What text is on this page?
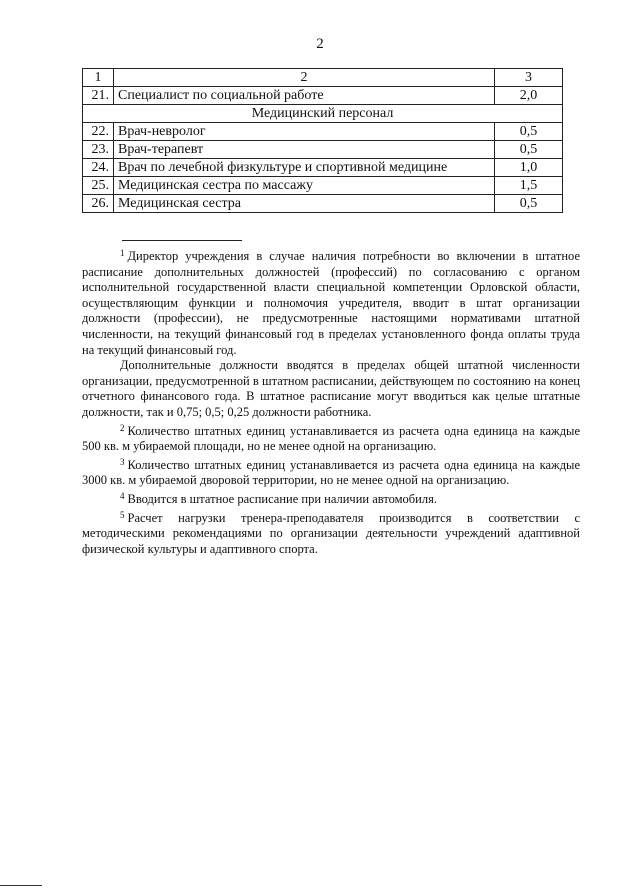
2
1	2	3
21.	Специалист по социальной работе	2,0
Медицинский персонал		
22.	Врач-невролог	0,5
23.	Врач-терапевт	0,5
24.	Врач по лечебной физкультуре и спортивной медицине	1,0
25.	Медицинская сестра по массажу	1,5
26.	Медицинская сестра	0,5

$^1$ Директор учреждения в случае наличия потребности во включении в штатное расписание дополнительных должностей (профессий) по согласованию с органом исполнительной государственной власти специальной компетенции Орловской области, осуществляющим функции и полномочия учредителя, вводит в штат организации должности (профессии), не предусмотренные настоящими нормативами штатной численности, на текущий финансовый год в пределах установленного фонда оплаты труда на текущий финансовый год.

Дополнительные должности вводятся в пределах общей штатной численности организации, предусмотренной в штатном расписании, действующем по состоянию на конец отчетного финансового года. В штатное расписание могут вводиться как целые штатные должности, так и 0,75; 0,5; 0,25 должности работника.

$^2$ Количество штатных единиц устанавливается из расчета одна единица на каждые 500 кв. м убираемой площади, но не менее одной на организацию.

$^3$ Количество штатных единиц устанавливается из расчета одна единица на каждые 3000 кв. м убираемой дворовой территории, но не менее одной на организацию.

$^4$ Вводится в штатное расписание при наличии автомобиля.

$^5$ Расчет нагрузки тренера-преподавателя производится в соответствии с методическими рекомендациями по организации деятельности учреждений адаптивной физической культуры и адаптивного спорта.
